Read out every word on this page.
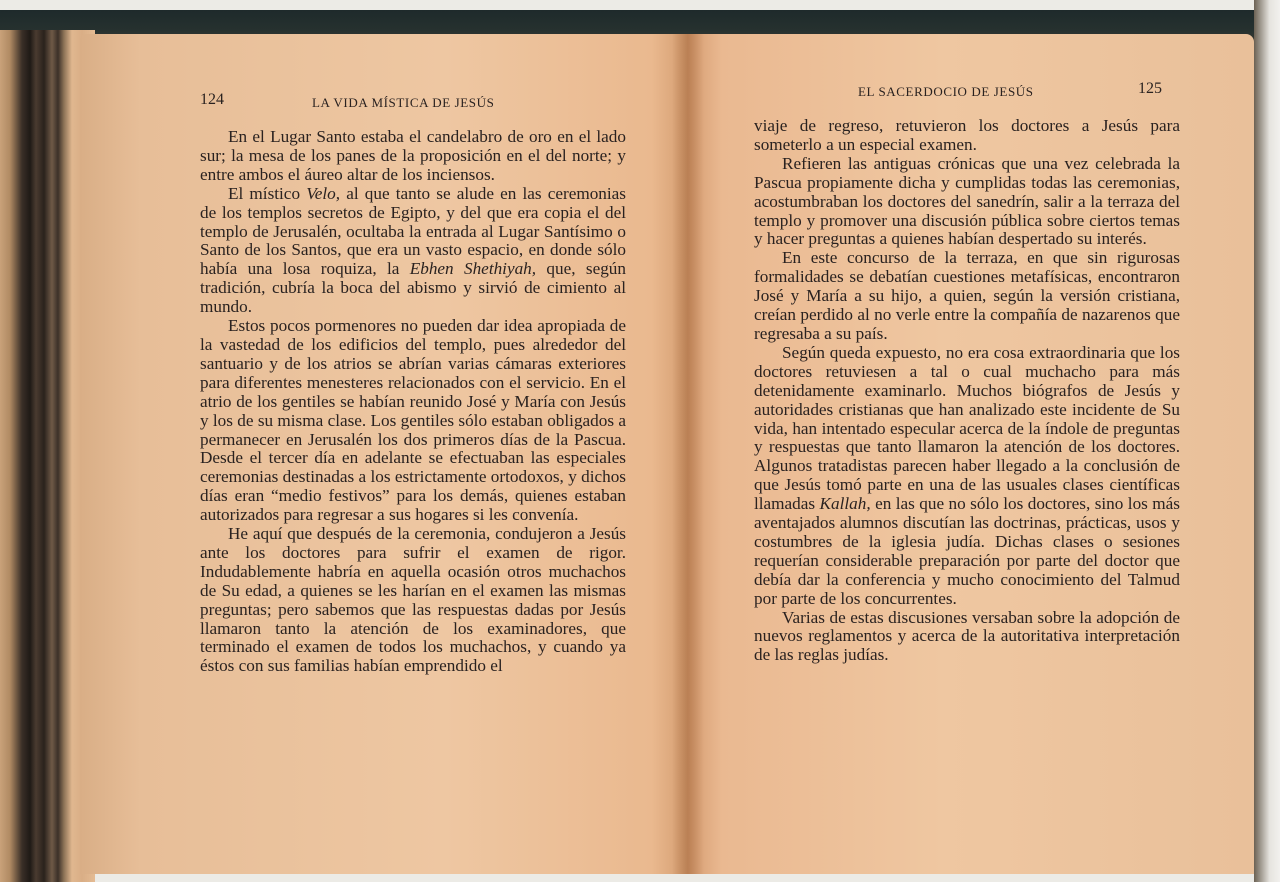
124	LA VIDA MÍSTICA DE JESÚS
EL SACERDOCIO DE JESÚS	125

En el Lugar Santo estaba el candelabro de oro en el lado sur; la mesa de los panes de la proposición en el del norte; y entre ambos el áureo altar de los inciensos.

El místico Velo, al que tanto se alude en las ceremonias de los templos secretos de Egipto, y del que era copia el del templo de Jerusalén, ocultaba la entrada al Lugar Santísimo o Santo de los Santos, que era un vasto espacio, en donde sólo había una losa roquiza, la Ebhen Shethiyah, que, según tradición, cubría la boca del abismo y sirvió de cimiento al mundo.

Estos pocos pormenores no pueden dar idea apropiada de la vastedad de los edificios del templo, pues alrededor del santuario y de los atrios se abrían varias cámaras exteriores para diferentes menesteres relacionados con el servicio. En el atrio de los gentiles se habían reunido José y María con Jesús y los de su misma clase. Los gentiles sólo estaban obligados a permanecer en Jerusalén los dos primeros días de la Pascua. Desde el tercer día en adelante se efectuaban las especiales ceremonias destinadas a los estrictamente ortodoxos, y dichos días eran “medio festivos” para los demás, quienes estaban autorizados para regresar a sus hogares si les convenía.

He aquí que después de la ceremonia, condujeron a Jesús ante los doctores para sufrir el examen de rigor. Indudablemente habría en aquella ocasión otros muchachos de Su edad, a quienes se les harían en el examen las mismas preguntas; pero sabemos que las respuestas dadas por Jesús llamaron tanto la atención de los examinadores, que terminado el examen de todos los muchachos, y cuando ya éstos con sus familias habían emprendido el

viaje de regreso, retuvieron los doctores a Jesús para someterlo a un especial examen.

Refieren las antiguas crónicas que una vez celebrada la Pascua propiamente dicha y cumplidas todas las ceremonias, acostumbraban los doctores del sanedrín, salir a la terraza del templo y promover una discusión pública sobre ciertos temas y hacer preguntas a quienes habían despertado su interés.

En este concurso de la terraza, en que sin rigurosas formalidades se debatían cuestiones metafísicas, encontraron José y María a su hijo, a quien, según la versión cristiana, creían perdido al no verle entre la compañía de nazarenos que regresaba a su país.

Según queda expuesto, no era cosa extraordinaria que los doctores retuviesen a tal o cual muchacho para más detenidamente examinarlo. Muchos biógrafos de Jesús y autoridades cristianas que han analizado este incidente de Su vida, han intentado especular acerca de la índole de preguntas y respuestas que tanto llamaron la atención de los doctores. Algunos tratadistas parecen haber llegado a la conclusión de que Jesús tomó parte en una de las usuales clases científicas llamadas Kallah, en las que no sólo los doctores, sino los más aventajados alumnos discutían las doctrinas, prácticas, usos y costumbres de la iglesia judía. Dichas clases o sesiones requerían considerable preparación por parte del doctor que debía dar la conferencia y mucho conocimiento del Talmud por parte de los concurrentes.

Varias de estas discusiones versaban sobre la adopción de nuevos reglamentos y acerca de la autoritativa interpretación de las reglas judías.
